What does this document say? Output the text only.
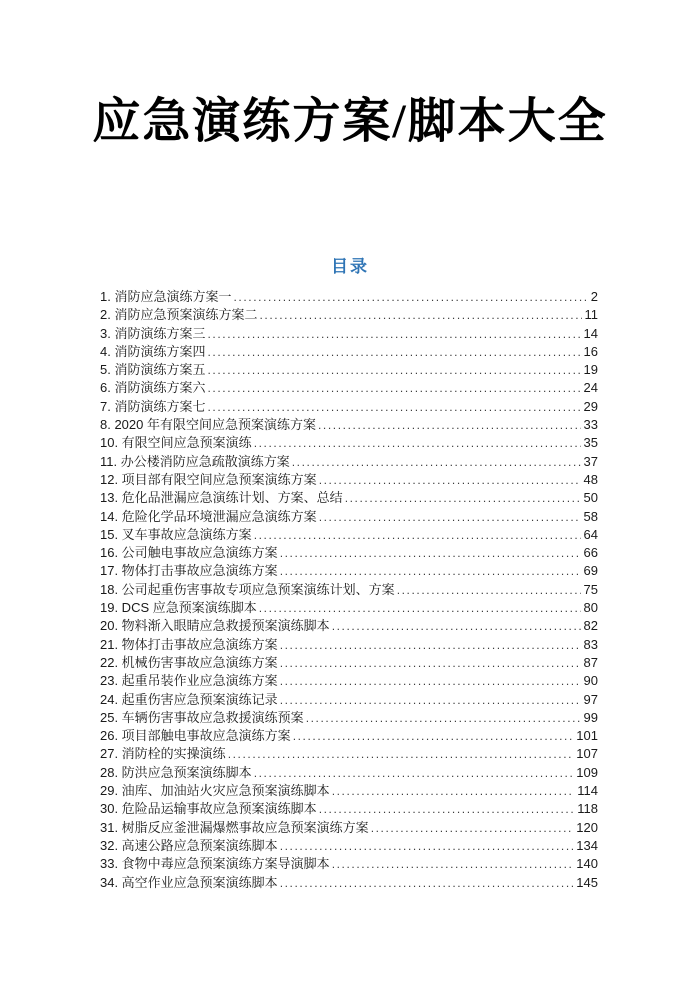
应急演练方案/脚本大全
目录
1. 消防应急演练方案一 .....	2
2. 消防应急预案演练方案二 .....	11
3. 消防演练方案三 .....	14
4. 消防演练方案四 .....	16
5. 消防演练方案五 .....	19
6. 消防演练方案六 .....	24
7. 消防演练方案七 .....	29
8. 2020 年有限空间应急预案演练方案 .....	33
10. 有限空间应急预案演练 .....	35
11. 办公楼消防应急疏散演练方案 .....	37
12. 项目部有限空间应急预案演练方案 .....	48
13. 危化品泄漏应急演练计划、方案、总结 .....	50
14. 危险化学品环境泄漏应急演练方案 .....	58
15. 叉车事故应急演练方案 .....	64
16. 公司触电事故应急演练方案 .....	66
17. 物体打击事故应急演练方案 .....	69
18. 公司起重伤害事故专项应急预案演练计划、方案 .....	75
19. DCS 应急预案演练脚本 .....	80
20. 物料渐入眼睛应急救援预案演练脚本 .....	82
21. 物体打击事故应急演练方案 .....	83
22. 机械伤害事故应急演练方案 .....	87
23. 起重吊装作业应急演练方案 .....	90
24. 起重伤害应急预案演练记录 .....	97
25. 车辆伤害事故应急救援演练预案 .....	99
26. 项目部触电事故应急演练方案 .....	101
27. 消防栓的实操演练 .....	107
28. 防洪应急预案演练脚本 .....	109
29. 油库、加油站火灾应急预案演练脚本 .....	114
30. 危险品运输事故应急预案演练脚本 .....	118
31. 树脂反应釜泄漏爆燃事故应急预案演练方案 .....	120
32. 高速公路应急预案演练脚本 .....	134
33. 食物中毒应急预案演练方案导演脚本 .....	140
34. 高空作业应急预案演练脚本 .....	145
